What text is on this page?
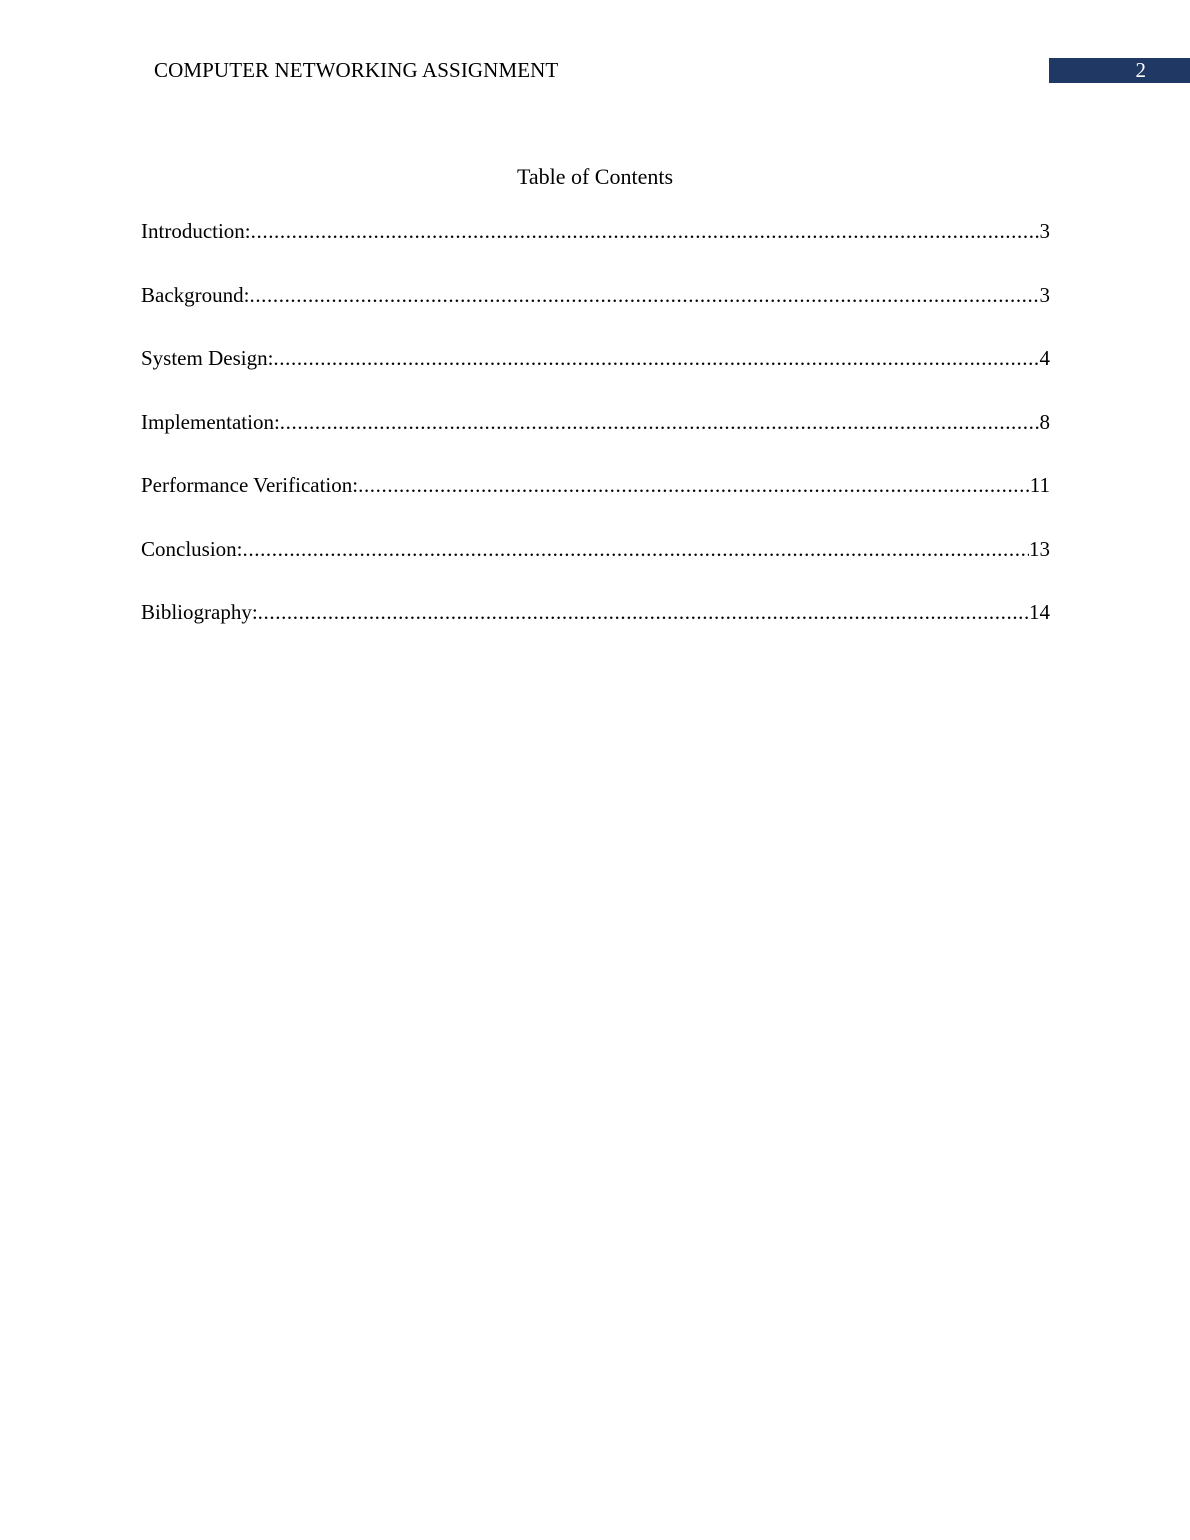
COMPUTER NETWORKING ASSIGNMENT	2
Table of Contents
Introduction: .....	3
Background: .....	3
System Design: .....	4
Implementation: .....	8
Performance Verification: .....	11
Conclusion: .....	13
Bibliography: .....	14
